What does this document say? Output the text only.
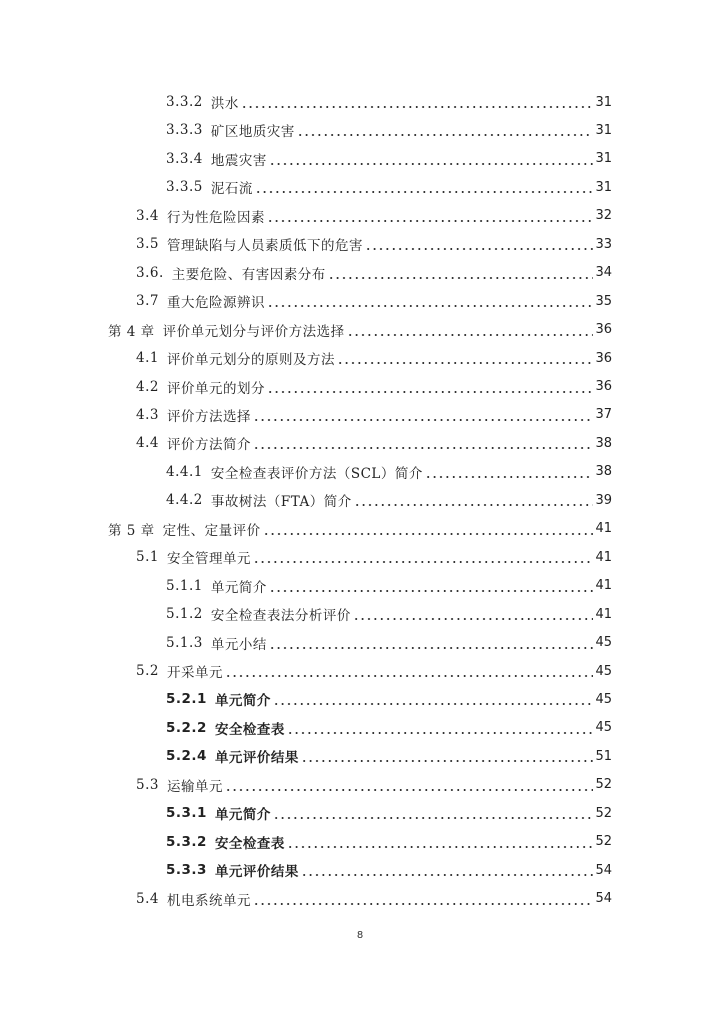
3.3.2 洪水	31
3.3.3 矿区地质灾害	31
3.3.4 地震灾害	31
3.3.5 泥石流	31
3.4 行为性危险因素	32
3.5 管理缺陷与人员素质低下的危害	33
3.6. 主要危险、有害因素分布	34
3.7 重大危险源辨识	35
第 4 章 评价单元划分与评价方法选择	36
4.1 评价单元划分的原则及方法	36
4.2 评价单元的划分	36
4.3 评价方法选择	37
4.4 评价方法简介	38
4.4.1 安全检查表评价方法（SCL）简介	38
4.4.2 事故树法（FTA）简介	39
第 5 章 定性、定量评价	41
5.1 安全管理单元	41
5.1.1 单元简介	41
5.1.2 安全检查表法分析评价	41
5.1.3 单元小结	45
5.2 开采单元	45
5.2.1 单元简介	45
5.2.2 安全检查表	45
5.2.4 单元评价结果	51
5.3 运输单元	52
5.3.1 单元简介	52
5.3.2 安全检查表	52
5.3.3 单元评价结果	54
5.4 机电系统单元	54
8
